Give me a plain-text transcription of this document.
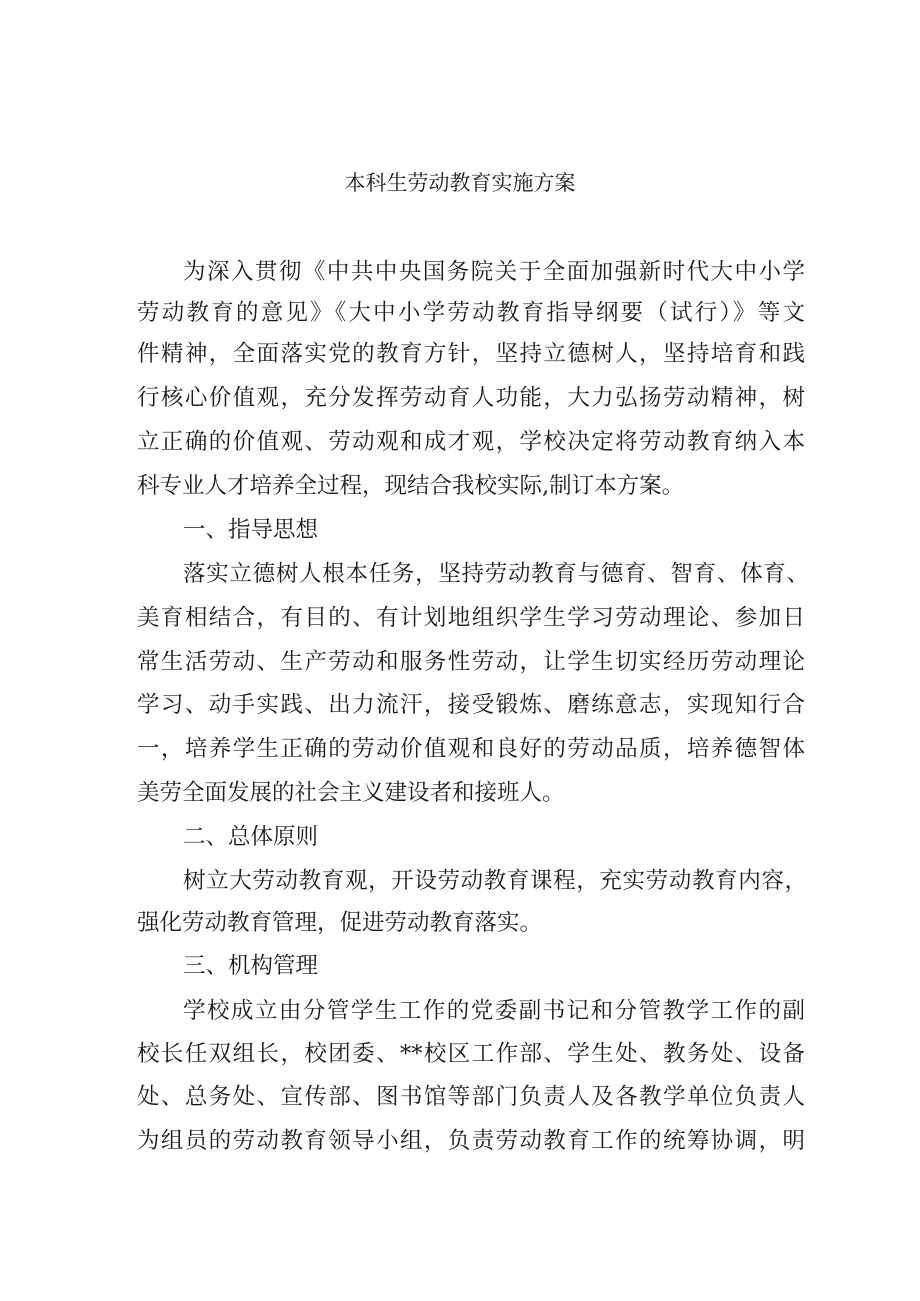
本科生劳动教育实施方案
为深入贯彻《中共中央国务院关于全面加强新时代大中小学
劳动教育的意见》《大中小学劳动教育指导纲要（试行）》等文
件精神，全面落实党的教育方针，坚持立德树人，坚持培育和践
行核心价值观，充分发挥劳动育人功能，大力弘扬劳动精神，树
立正确的价值观、劳动观和成才观，学校决定将劳动教育纳入本
科专业人才培养全过程，现结合我校实际,制订本方案。
一、指导思想
落实立德树人根本任务，坚持劳动教育与德育、智育、体育、
美育相结合，有目的、有计划地组织学生学习劳动理论、参加日
常生活劳动、生产劳动和服务性劳动，让学生切实经历劳动理论
学习、动手实践、出力流汗，接受锻炼、磨练意志，实现知行合
一，培养学生正确的劳动价值观和良好的劳动品质，培养德智体
美劳全面发展的社会主义建设者和接班人。
二、总体原则
树立大劳动教育观，开设劳动教育课程，充实劳动教育内容，
强化劳动教育管理，促进劳动教育落实。
三、机构管理
学校成立由分管学生工作的党委副书记和分管教学工作的副
校长任双组长，校团委、**校区工作部、学生处、教务处、设备
处、总务处、宣传部、图书馆等部门负责人及各教学单位负责人
为组员的劳动教育领导小组，负责劳动教育工作的统筹协调，明
